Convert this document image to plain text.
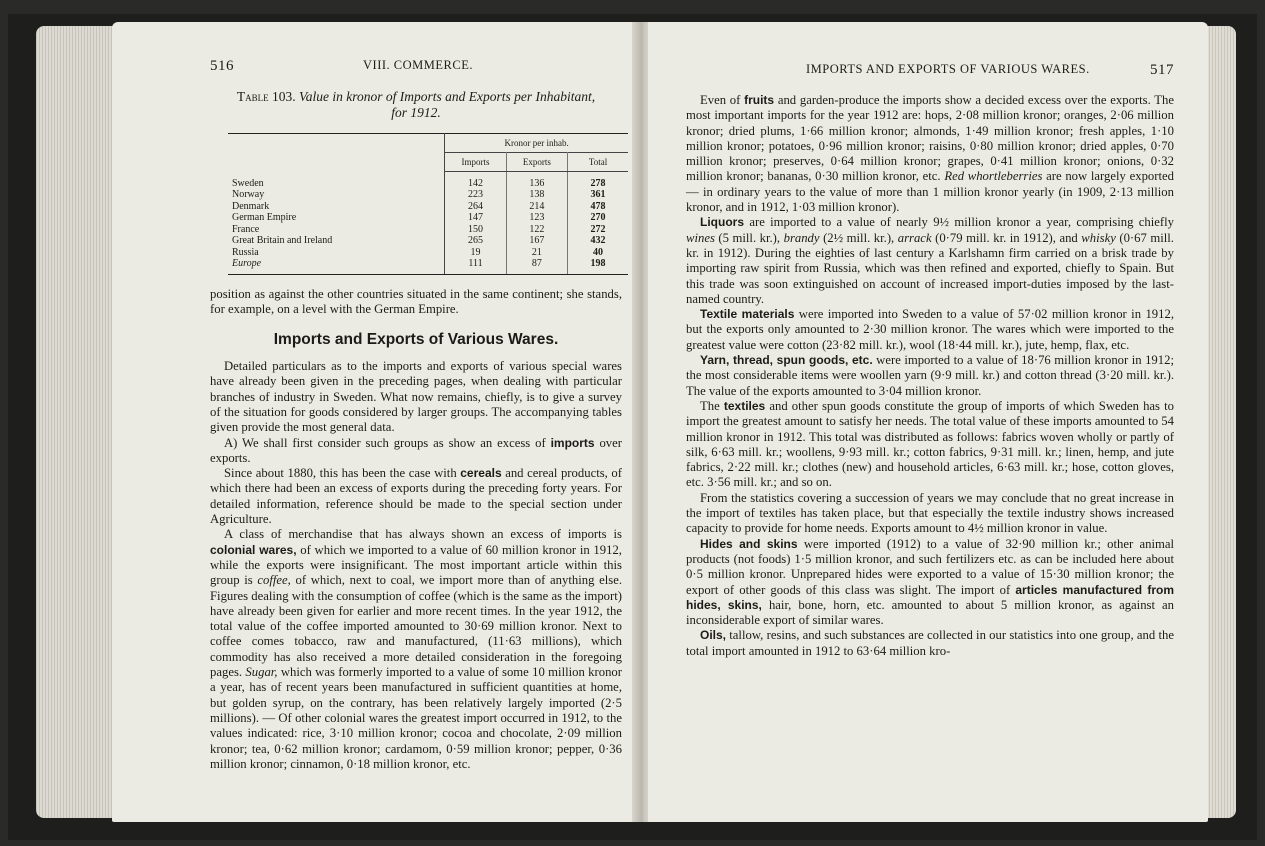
516	VIII. COMMERCE.
Table 103. Value in kronor of Imports and Exports per Inhabitant,
for 1912.
	Kronor per inhab.		
	Imports	Exports	Total

Sweden	142	136	278
Norway	223	138	361
Denmark	264	214	478
German Empire	147	123	270
France	150	122	272
Great Britain and Ireland	265	167	432
Russia	19	21	40
Europe	111	87	198

position as against the other countries situated in the same continent; she stands, for example, on a level with the German Empire.

Imports and Exports of Various Wares.

Detailed particulars as to the imports and exports of various special wares have already been given in the preceding pages, when dealing with particular branches of industry in Sweden. What now remains, chiefly, is to give a survey of the situation for goods considered by larger groups. The accompanying tables given provide the most general data.

A) We shall first consider such groups as show an excess of imports over exports.

Since about 1880, this has been the case with cereals and cereal products, of which there had been an excess of exports during the preceding forty years. For detailed information, reference should be made to the special section under Agriculture.

A class of merchandise that has always shown an excess of imports is colonial wares, of which we imported to a value of 60 million kronor in 1912, while the exports were insignificant. The most important article within this group is coffee, of which, next to coal, we import more than of anything else. Figures dealing with the consumption of coffee (which is the same as the import) have already been given for earlier and more recent times. In the year 1912, the total value of the coffee imported amounted to 30·69 million kronor. Next to coffee comes tobacco, raw and manufactured, (11·63 millions), which commodity has also received a more detailed consideration in the foregoing pages. Sugar, which was formerly imported to a value of some 10 million kronor a year, has of recent years been manufactured in sufficient quantities at home, but golden syrup, on the contrary, has been relatively largely imported (2·5 millions). — Of other colonial wares the greatest import occurred in 1912, to the values indicated: rice, 3·10 million kronor; cocoa and chocolate, 2·09 million kronor; tea, 0·62 million kronor; cardamom, 0·59 million kronor; pepper, 0·36 million kronor; cinnamon, 0·18 million kronor, etc.

IMPORTS AND EXPORTS OF VARIOUS WARES.	517

Even of fruits and garden-produce the imports show a decided excess over the exports. The most important imports for the year 1912 are: hops, 2·08 million kronor; oranges, 2·06 million kronor; dried plums, 1·66 million kronor; almonds, 1·49 million kronor; fresh apples, 1·10 million kronor; potatoes, 0·96 million kronor; raisins, 0·80 million kronor; dried apples, 0·70 million kronor; preserves, 0·64 million kronor; grapes, 0·41 million kronor; onions, 0·32 million kronor; bananas, 0·30 million kronor, etc. Red whortleberries are now largely exported — in ordinary years to the value of more than 1 million kronor yearly (in 1909, 2·13 million kronor, and in 1912, 1·03 million kronor).

Liquors are imported to a value of nearly 9½ million kronor a year, comprising chiefly wines (5 mill. kr.), brandy (2½ mill. kr.), arrack (0·79 mill. kr. in 1912), and whisky (0·67 mill. kr. in 1912). During the eighties of last century a Karlshamn firm carried on a brisk trade by importing raw spirit from Russia, which was then refined and exported, chiefly to Spain. But this trade was soon extinguished on account of increased import-duties imposed by the last-named country.

Textile materials were imported into Sweden to a value of 57·02 million kronor in 1912, but the exports only amounted to 2·30 million kronor. The wares which were imported to the greatest value were cotton (23·82 mill. kr.), wool (18·44 mill. kr.), jute, hemp, flax, etc.

Yarn, thread, spun goods, etc. were imported to a value of 18·76 million kronor in 1912; the most considerable items were woollen yarn (9·9 mill. kr.) and cotton thread (3·20 mill. kr.). The value of the exports amounted to 3·04 million kronor.

The textiles and other spun goods constitute the group of imports of which Sweden has to import the greatest amount to satisfy her needs. The total value of these imports amounted to 54 million kronor in 1912. This total was distributed as follows: fabrics woven wholly or partly of silk, 6·63 mill. kr.; woollens, 9·93 mill. kr.; cotton fabrics, 9·31 mill. kr.; linen, hemp, and jute fabrics, 2·22 mill. kr.; clothes (new) and household articles, 6·63 mill. kr.; hose, cotton gloves, etc. 3·56 mill. kr.; and so on.

From the statistics covering a succession of years we may conclude that no great increase in the import of textiles has taken place, but that especially the textile industry shows increased capacity to provide for home needs. Exports amount to 4½ million kronor in value.

Hides and skins were imported (1912) to a value of 32·90 million kr.; other animal products (not foods) 1·5 million kronor, and such fertilizers etc. as can be included here about 0·5 million kronor. Unprepared hides were exported to a value of 15·30 million kronor; the export of other goods of this class was slight. The import of articles manufactured from hides, skins, hair, bone, horn, etc. amounted to about 5 million kronor, as against an inconsiderable export of similar wares.

Oils, tallow, resins, and such substances are collected in our statistics into one group, and the total import amounted in 1912 to 63·64 million kro-
